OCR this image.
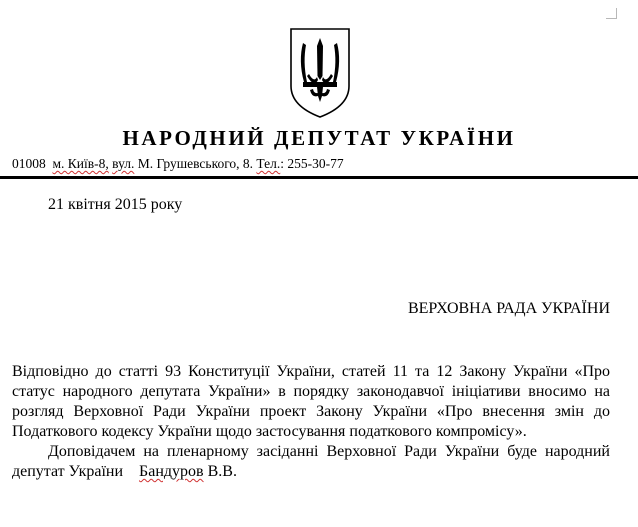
НАРОДНИЙ ДЕПУТАТ УКРАЇНИ
01008 м. Київ-8, вул. М. Грушевського, 8. Тел.: 255-30-77
21 квітня 2015 року
ВЕРХОВНА РАДА УКРАЇНИ

Відповідно до статті 93 Конституції України, статей 11 та 12 Закону України «Про статус народного депутата України» в порядку законодавчої ініціативи вносимо на розгляд Верховної Ради України проект Закону України «Про внесення змін до Податкового кодексу України щодо застосування податкового компромісу».

Доповідачем на пленарному засіданні Верховної Ради України буде народний депутат України Бандуров В.В.
